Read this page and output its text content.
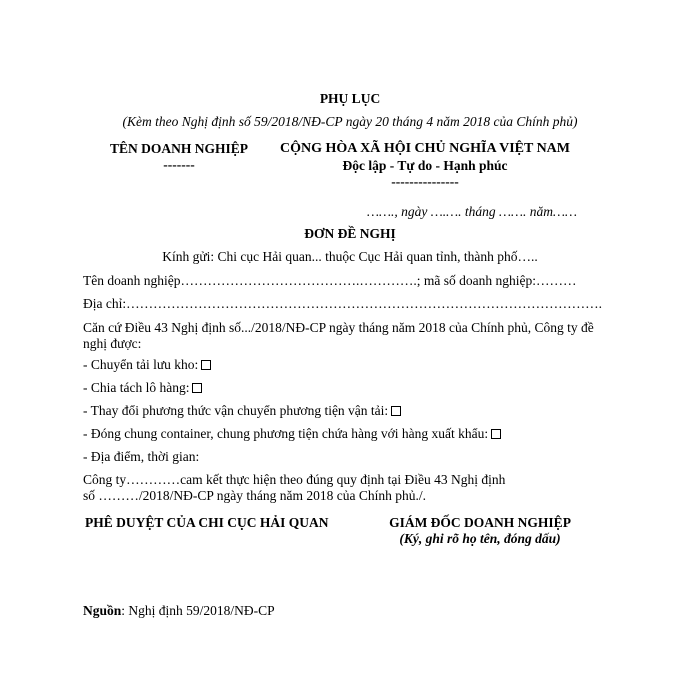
PHỤ LỤC
(Kèm theo Nghị định số 59/2018/NĐ-CP ngày 20 tháng 4 năm 2018 của Chính phủ)
TÊN DOANH NGHIỆP
-------
CỘNG HÒA XÃ HỘI CHỦ NGHĨA VIỆT NAM
Độc lập - Tự do - Hạnh phúc
---------------
……., ngày ….…. tháng ……. năm……
ĐƠN ĐỀ NGHỊ
Kính gửi: Chi cục Hải quan... thuộc Cục Hải quan tỉnh, thành phố…..
Tên doanh nghiệp………………………………….………….; mã số doanh nghiệp:………
Địa chỉ:…………………………………………………………………………………………….
Căn cứ Điều 43 Nghị định số.../2018/NĐ-CP ngày tháng năm 2018 của Chính phủ, Công ty đề
nghị được:
- Chuyển tải lưu kho:
- Chia tách lô hàng:
- Thay đổi phương thức vận chuyển phương tiện vận tải:
- Đóng chung container, chung phương tiện chứa hàng với hàng xuất khẩu:
- Địa điểm, thời gian:
Công ty…………cam kết thực hiện theo đúng quy định tại Điều 43 Nghị định
số ………/2018/NĐ-CP ngày tháng năm 2018 của Chính phủ./.
PHÊ DUYỆT CỦA CHI CỤC HẢI QUAN	GIÁM ĐỐC DOANH NGHIỆP
(Ký, ghi rõ họ tên, đóng dấu)
Nguồn: Nghị định 59/2018/NĐ-CP
